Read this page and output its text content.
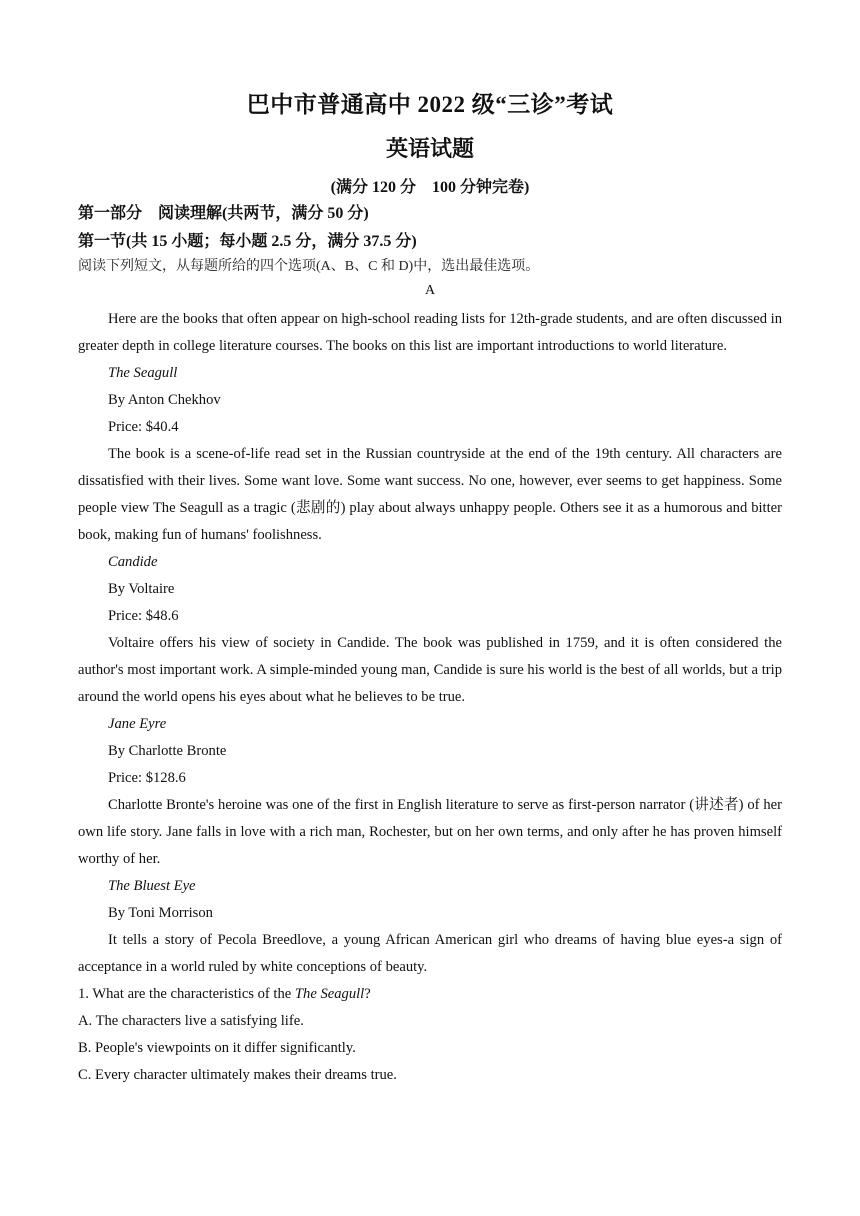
巴中市普通高中 2022 级“三诊”考试
英语试题
(满分 120 分　100 分钟完卷)
第一部分　阅读理解(共两节，满分 50 分)
第一节(共 15 小题；每小题 2.5 分，满分 37.5 分)
阅读下列短文，从每题所给的四个选项(A、B、C 和 D)中，选出最佳选项。
A

Here are the books that often appear on high-school reading lists for 12th-grade students, and are often discussed in greater depth in college literature courses. The books on this list are important introductions to world literature.

The Seagull

By Anton Chekhov

Price: $40.4

The book is a scene-of-life read set in the Russian countryside at the end of the 19th century. All characters are dissatisfied with their lives. Some want love. Some want success. No one, however, ever seems to get happiness. Some people view The Seagull as a tragic (悲剧的) play about always unhappy people. Others see it as a humorous and bitter book, making fun of humans' foolishness.

Candide

By Voltaire

Price: $48.6

Voltaire offers his view of society in Candide. The book was published in 1759, and it is often considered the author's most important work. A simple-minded young man, Candide is sure his world is the best of all worlds, but a trip around the world opens his eyes about what he believes to be true.

Jane Eyre

By Charlotte Bronte

Price: $128.6

Charlotte Bronte's heroine was one of the first in English literature to serve as first-person narrator (讲述者) of her own life story. Jane falls in love with a rich man, Rochester, but on her own terms, and only after he has proven himself worthy of her.

The Bluest Eye

By Toni Morrison

It tells a story of Pecola Breedlove, a young African American girl who dreams of having blue eyes-a sign of acceptance in a world ruled by white conceptions of beauty.

1. What are the characteristics of the The Seagull?

A. The characters live a satisfying life.

B. People's viewpoints on it differ significantly.

C. Every character ultimately makes their dreams true.
